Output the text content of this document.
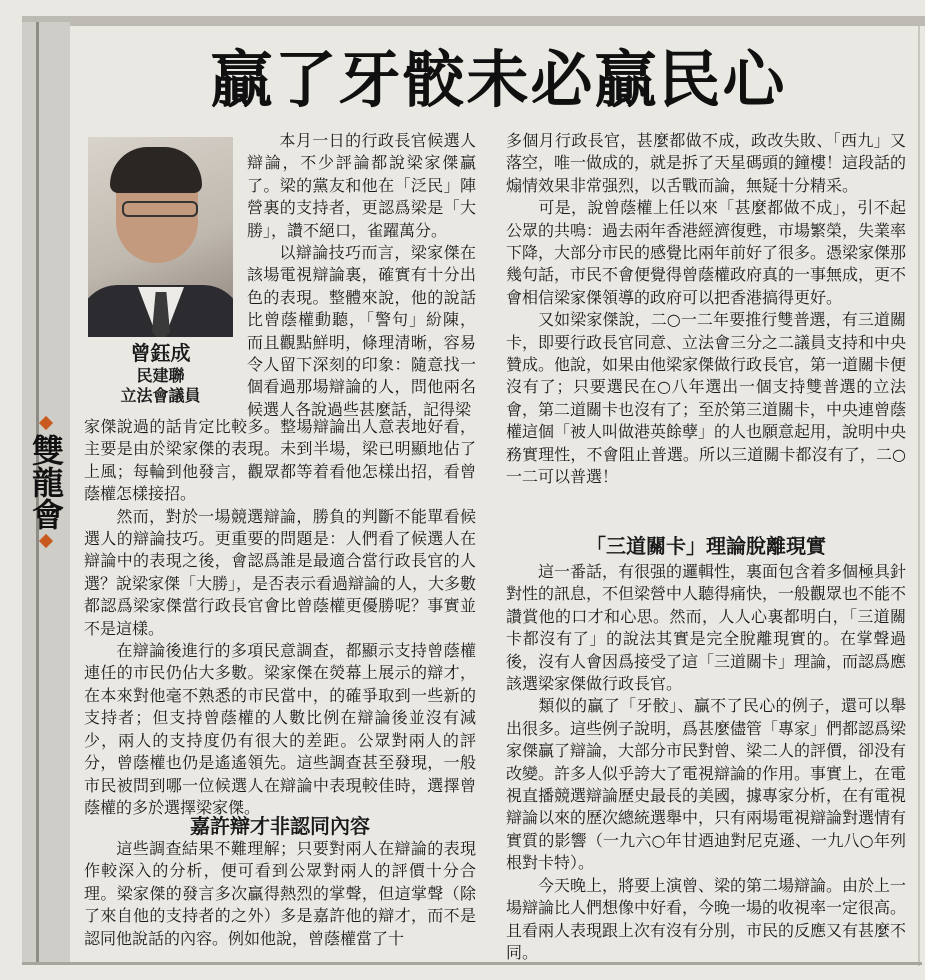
雙龍會
贏了牙骹未必贏民心
曾鈺成
民建聯
立法會議員

本月一日的行政長官候選人辯論，不少評論都說梁家傑贏了。梁的黨友和他在「泛民」陣營裏的支持者，更認爲梁是「大勝」，讚不絕口，雀躍萬分。

以辯論技巧而言，梁家傑在該場電視辯論裏，確實有十分出色的表現。整體來說，他的說話比曾蔭權動聽，「警句」紛陳，而且觀點鮮明，條理清晰，容易令人留下深刻的印象：隨意找一個看過那場辯論的人，問他兩名候選人各說過些甚麼話，記得梁

家傑說過的話肯定比較多。整場辯論出人意表地好看，主要是由於梁家傑的表現。未到半場，梁已明顯地佔了上風；每輪到他發言，觀眾都等着看他怎樣出招，看曾蔭權怎樣接招。

然而，對於一場競選辯論，勝負的判斷不能單看候選人的辯論技巧。更重要的問題是：人們看了候選人在辯論中的表現之後，會認爲誰是最適合當行政長官的人選？說梁家傑「大勝」，是否表示看過辯論的人，大多數都認爲梁家傑當行政長官會比曾蔭權更優勝呢？事實並不是這樣。

在辯論後進行的多項民意調查，都顯示支持曾蔭權連任的市民仍佔大多數。梁家傑在熒幕上展示的辯才，在本來對他毫不熟悉的市民當中，的確爭取到一些新的支持者；但支持曾蔭權的人數比例在辯論後並沒有減少，兩人的支持度仍有很大的差距。公眾對兩人的評分，曾蔭權也仍是遙遙領先。這些調查甚至發現，一般市民被問到哪一位候選人在辯論中表現較佳時，選擇曾蔭權的多於選擇梁家傑。

嘉許辯才非認同內容

這些調查結果不難理解；只要對兩人在辯論的表現作較深入的分析，便可看到公眾對兩人的評價十分合理。梁家傑的發言多次贏得熱烈的掌聲，但這掌聲（除了來自他的支持者的之外）多是嘉許他的辯才，而不是認同他說話的內容。例如他說，曾蔭權當了十

多個月行政長官，甚麼都做不成，政改失敗、「西九」又落空，唯一做成的，就是拆了天星碼頭的鐘樓！這段話的煽情效果非常强烈，以舌戰而論，無疑十分精采。

可是，說曾蔭權上任以來「甚麼都做不成」，引不起公眾的共鳴：過去兩年香港經濟復甦，市場繁榮，失業率下降，大部分市民的感覺比兩年前好了很多。憑梁家傑那幾句話，市民不會便覺得曾蔭權政府真的一事無成，更不會相信梁家傑領導的政府可以把香港搞得更好。

又如梁家傑說，二○一二年要推行雙普選，有三道關卡，即要行政長官同意、立法會三分之二議員支持和中央贊成。他說，如果由他梁家傑做行政長官，第一道關卡便沒有了；只要選民在○八年選出一個支持雙普選的立法會，第二道關卡也沒有了；至於第三道關卡，中央連曾蔭權這個「被人叫做港英餘孽」的人也願意起用，說明中央務實理性，不會阻止普選。所以三道關卡都沒有了，二○一二可以普選！

「三道關卡」理論脫離現實

這一番話，有很强的邏輯性，裏面包含着多個極具針對性的訊息，不但梁營中人聽得痛快，一般觀眾也不能不讚賞他的口才和心思。然而，人人心裏都明白，「三道關卡都沒有了」的說法其實是完全脫離現實的。在掌聲過後，沒有人會因爲接受了這「三道關卡」理論，而認爲應該選梁家傑做行政長官。

類似的贏了「牙骹」、贏不了民心的例子，還可以舉出很多。這些例子說明，爲甚麼儘管「專家」們都認爲梁家傑贏了辯論，大部分市民對曾、梁二人的評價，卻没有改變。許多人似乎誇大了電視辯論的作用。事實上，在電視直播競選辯論歷史最長的美國，據專家分析，在有電視辯論以來的歷次總統選舉中，只有兩場電視辯論對選情有實質的影響（一九六○年甘迺迪對尼克遜、一九八○年列根對卡特）。

今天晚上，將要上演曾、梁的第二場辯論。由於上一場辯論比人們想像中好看，今晚一場的收視率一定很高。且看兩人表現跟上次有沒有分別，市民的反應又有甚麼不同。
